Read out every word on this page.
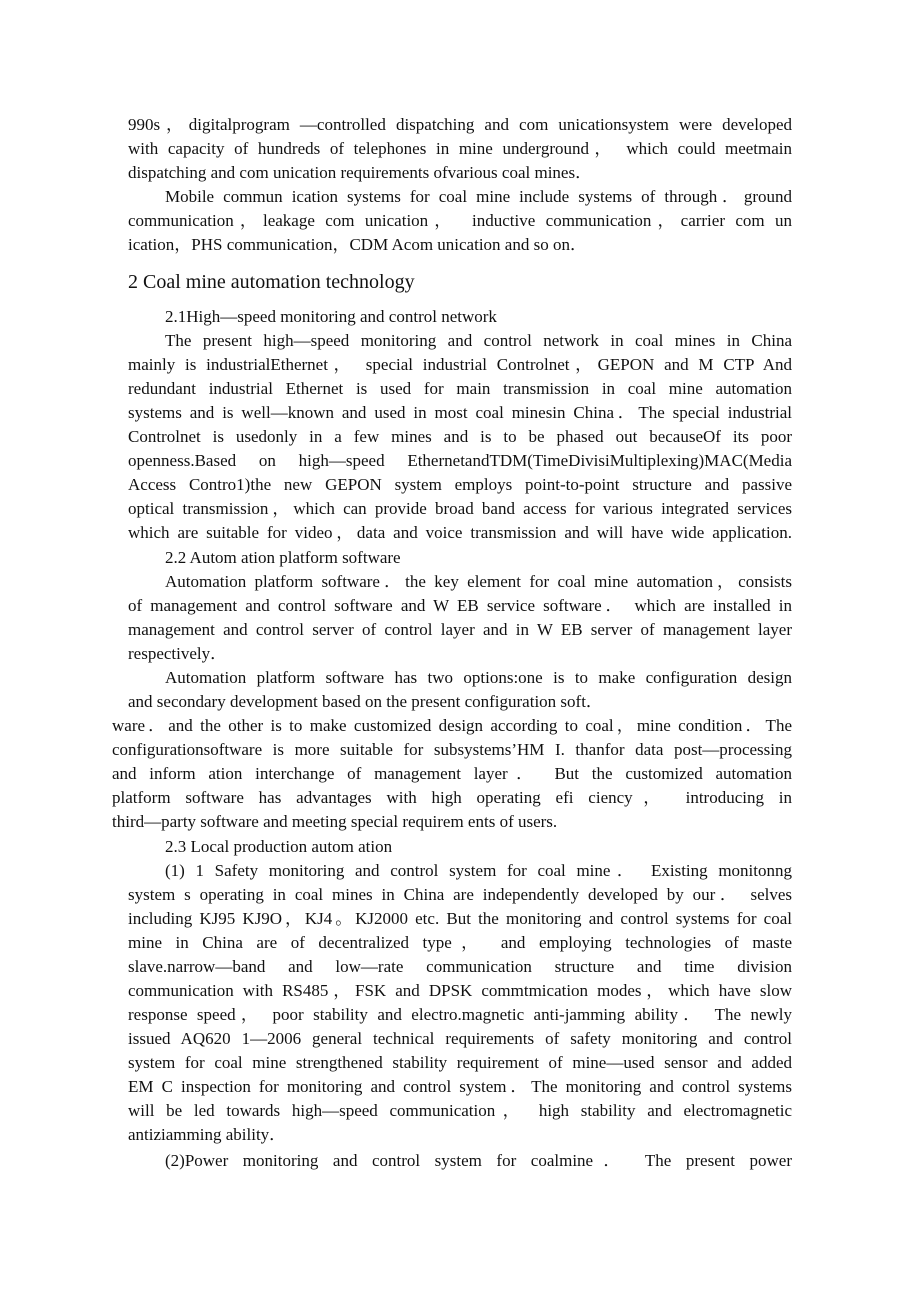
990s，digitalprogram —controlled dispatching and com unicationsystem were developed
with capacity of hundreds of telephones in mine underground， which could meetmain
dispatching and com unication requirements ofvarious coal mines．
Mobile commun ication systems for coal mine include systems of through．ground
communication，leakage com unication，　inductive communication，carrier com un
ication，PHS communication，CDM Acom unication and so on．
2 Coal mine automation technology
2.1High—speed monitoring and control network
The present high—speed monitoring and control network in coal mines in China
mainly is industrialEthernet， special industrial Controlnet，GEPON and M CTP And
redundant industrial Ethernet is used for main transmission in coal mine automation
systems and is well—known and used in most coal minesin China．The special industrial
Controlnet is usedonly in a few mines and is to be phased out becauseOf its poor
openness.Based on high—speed EthernetandTDM(TimeDivisiMultiplexing)MAC(Media
Access Contro1)the new GEPON system employs point-to-point structure and passive
optical transmission，which can provide broad band access for various integrated services
which are suitable for video，data and voice transmission and will have wide application.
2.2 Autom ation platform software
Automation platform software．the key element for coal mine automation，consists
of management and control software and W EB service software． which are installed in
management and control server of control layer and in W EB server of management layer
respectively．
Automation platform software has two options:one is to make configuration design
and secondary development based on the present configuration soft．
ware．and the other is to make customized design according to coal，mine condition．The
configurationsoftware is more suitable for subsystems’HM I. thanfor data post—processing
and inform ation interchange of management layer． But the customized automation
platform software has advantages with high operating efi ciency， introducing in
third—party software and meeting special requirem ents of users.
2.3 Local production autom ation
(1) 1 Safety monitoring and control system for coal mine． Existing monitonng
system s operating in coal mines in China are independently developed by our． selves
including KJ95 KJ9O，KJ4。KJ2000 etc. But the monitoring and control systems for coal
mine in China are of decentralized type， and employing technologies of maste
slave.narrow—band and low—rate communication structure and time division
communication with RS485，FSK and DPSK commtmication modes，which have slow
response speed， poor stability and electro.magnetic anti-jamming ability． The newly
issued AQ620 1—2006 general technical requirements of safety monitoring and control
system for coal mine strengthened stability requirement of mine—used sensor and added
EM C inspection for monitoring and control system．The monitoring and control systems
will be led towards high—speed communication， high stability and electromagnetic
antiziamming ability．
(2)Power monitoring and control system for coalmine． The present power
